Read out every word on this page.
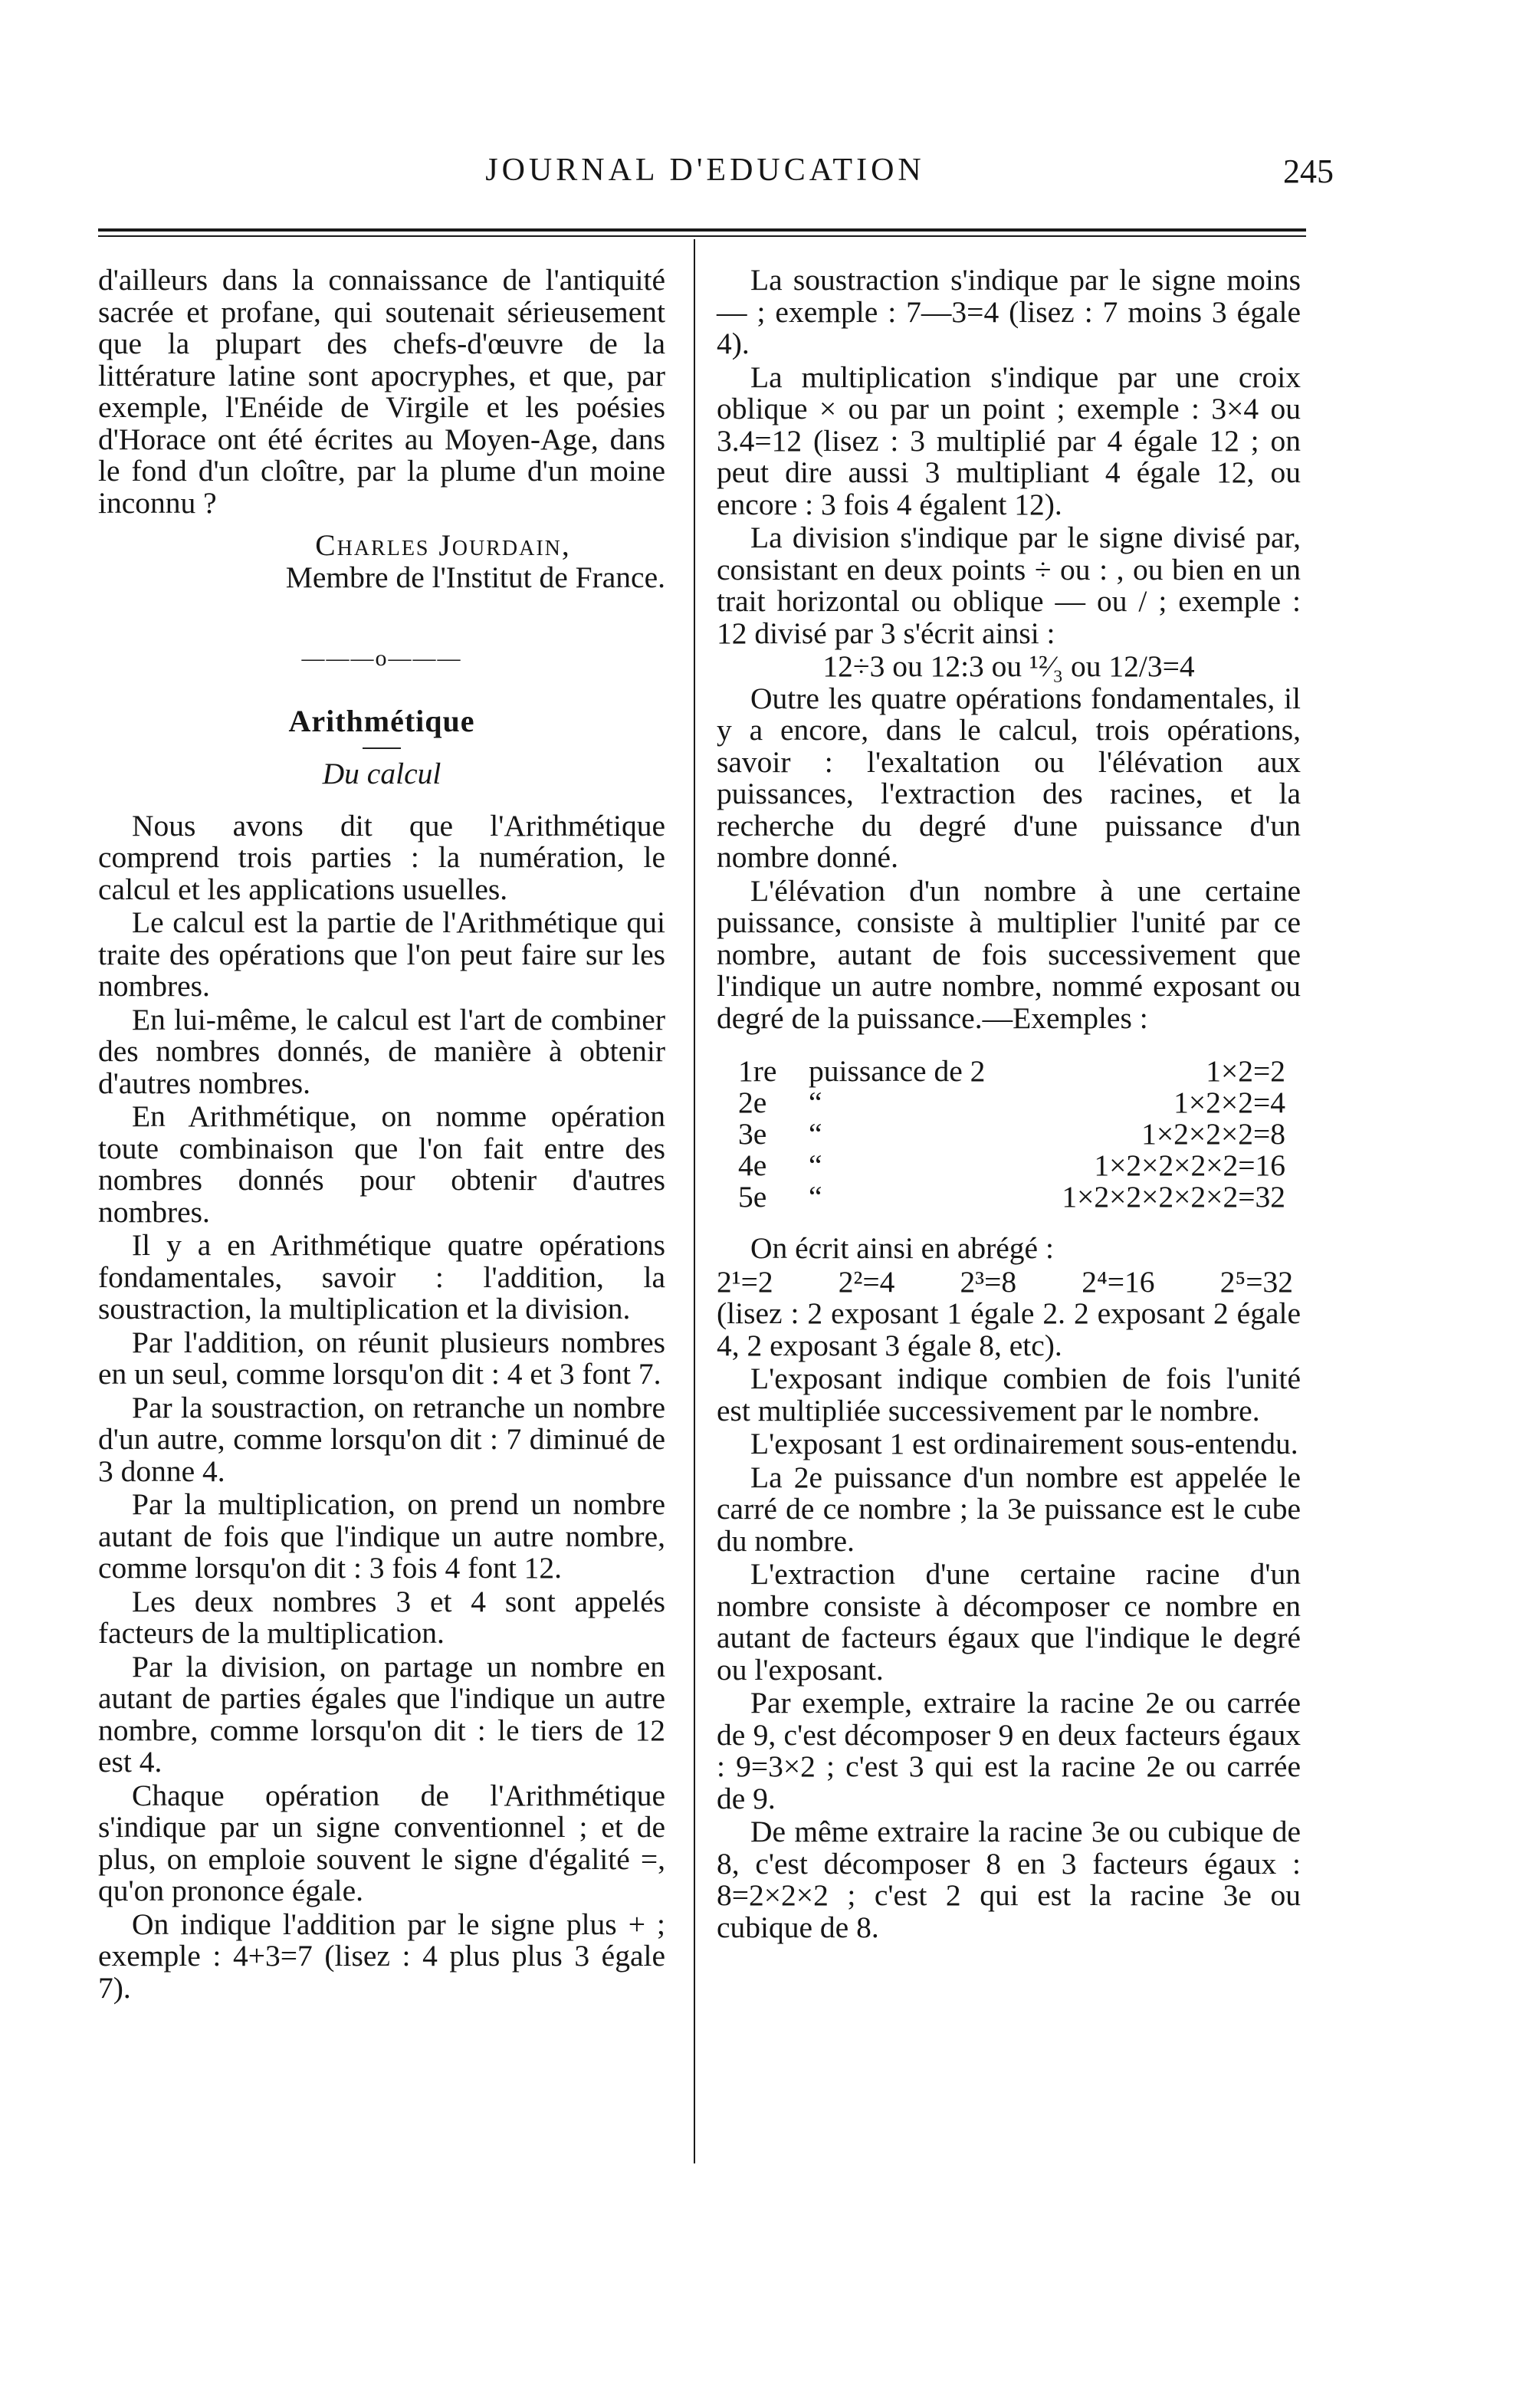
JOURNAL D'EDUCATION	245

d'ailleurs dans la connaissance de l'antiquité sacrée et profane, qui soutenait sérieusement que la plupart des chefs-d'œuvre de la littérature latine sont apocryphes, et que, par exemple, l'Enéide de Virgile et les poésies d'Horace ont été écrites au Moyen-Age, dans le fond d'un cloître, par la plume d'un moine inconnu ?

Charles Jourdain,
Membre de l'Institut de France.
———o———
Arithmétique
Du calcul

Nous avons dit que l'Arithmétique comprend trois parties : la numération, le calcul et les applications usuelles.

Le calcul est la partie de l'Arithmétique qui traite des opérations que l'on peut faire sur les nombres.

En lui-même, le calcul est l'art de combiner des nombres donnés, de manière à obtenir d'autres nombres.

En Arithmétique, on nomme opération toute combinaison que l'on fait entre des nombres donnés pour obtenir d'autres nombres.

Il y a en Arithmétique quatre opérations fondamentales, savoir : l'addition, la soustraction, la multiplication et la division.

Par l'addition, on réunit plusieurs nombres en un seul, comme lorsqu'on dit : 4 et 3 font 7.

Par la soustraction, on retranche un nombre d'un autre, comme lorsqu'on dit : 7 diminué de 3 donne 4.

Par la multiplication, on prend un nombre autant de fois que l'indique un autre nombre, comme lorsqu'on dit : 3 fois 4 font 12.

Les deux nombres 3 et 4 sont appelés facteurs de la multiplication.

Par la division, on partage un nombre en autant de parties égales que l'indique un autre nombre, comme lorsqu'on dit : le tiers de 12 est 4.

Chaque opération de l'Arithmétique s'indique par un signe conventionnel ; et de plus, on emploie souvent le signe d'égalité =, qu'on prononce égale.

On indique l'addition par le signe plus + ; exemple : 4+3=7 (lisez : 4 plus plus 3 égale 7).

La soustraction s'indique par le signe moins — ; exemple : 7—3=4 (lisez : 7 moins 3 égale 4).

La multiplication s'indique par une croix oblique × ou par un point ; exemple : 3×4 ou 3.4=12 (lisez : 3 multiplié par 4 égale 12 ; on peut dire aussi 3 multipliant 4 égale 12, ou encore : 3 fois 4 égalent 12).

La division s'indique par le signe divisé par, consistant en deux points ÷ ou : , ou bien en un trait horizontal ou oblique — ou / ; exemple : 12 divisé par 3 s'écrit ainsi :

12÷3 ou 12:3 ou ¹²⁄₃ ou 12/3=4

Outre les quatre opérations fondamentales, il y a encore, dans le calcul, trois opérations, savoir : l'exaltation ou l'élévation aux puissances, l'extraction des racines, et la recherche du degré d'une puissance d'un nombre donné.

L'élévation d'un nombre à une certaine puissance, consiste à multiplier l'unité par ce nombre, autant de fois successivement que l'indique un autre nombre, nommé exposant ou degré de la puissance.—Exemples :

1re	puissance de 2	1×2=2
2e	“	1×2×2=4
3e	“	1×2×2×2=8
4e	“	1×2×2×2×2=16
5e	“	1×2×2×2×2×2=32

On écrit ainsi en abrégé :

2¹=2 2²=4 2³=8 2⁴=16 2⁵=32

(lisez : 2 exposant 1 égale 2. 2 exposant 2 égale 4, 2 exposant 3 égale 8, etc).

L'exposant indique combien de fois l'unité est multipliée successivement par le nombre.

L'exposant 1 est ordinairement sous-entendu.

La 2e puissance d'un nombre est appelée le carré de ce nombre ; la 3e puissance est le cube du nombre.

L'extraction d'une certaine racine d'un nombre consiste à décomposer ce nombre en autant de facteurs égaux que l'indique le degré ou l'exposant.

Par exemple, extraire la racine 2e ou carrée de 9, c'est décomposer 9 en deux facteurs égaux : 9=3×2 ; c'est 3 qui est la racine 2e ou carrée de 9.

De même extraire la racine 3e ou cubique de 8, c'est décomposer 8 en 3 facteurs égaux : 8=2×2×2 ; c'est 2 qui est la racine 3e ou cubique de 8.
